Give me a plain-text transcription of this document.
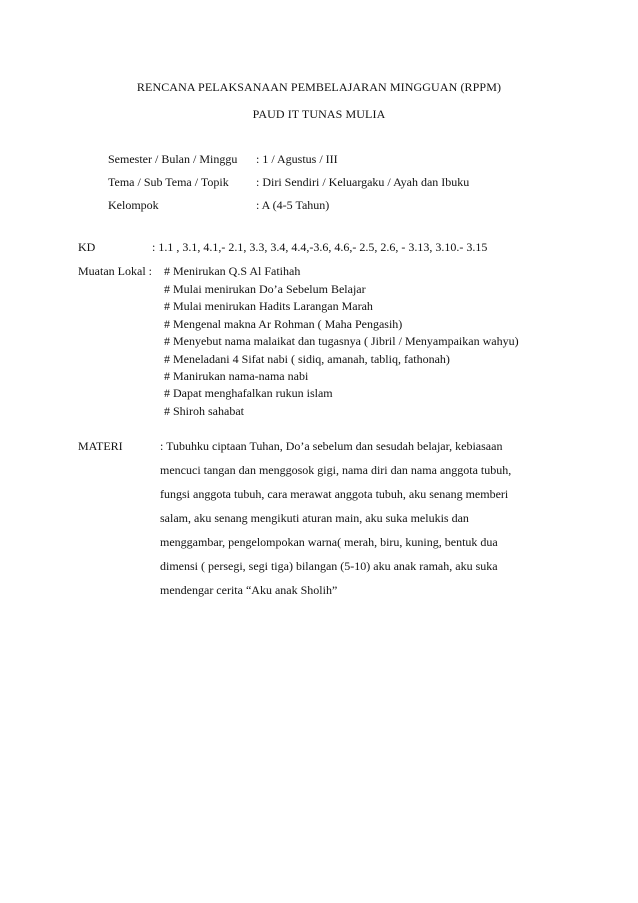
RENCANA PELAKSANAAN PEMBELAJARAN MINGGUAN (RPPM)
PAUD IT TUNAS MULIA
Semester / Bulan / Minggu : 1 / Agustus / III
Tema / Sub Tema / Topik : Diri Sendiri / Keluargaku / Ayah dan Ibuku
Kelompok	: A (4-5 Tahun)
KD	: 1.1 , 3.1, 4.1,- 2.1, 3.3, 3.4, 4.4,-3.6, 4.6,- 2.5, 2.6, - 3.13, 3.10.- 3.15
Muatan Lokal : # Menirukan Q.S Al Fatihah
# Mulai menirukan Do’a Sebelum Belajar
# Mulai menirukan Hadits Larangan Marah
# Mengenal makna Ar Rohman ( Maha Pengasih)
# Menyebut nama malaikat dan tugasnya ( Jibril / Menyampaikan wahyu)
# Meneladani 4 Sifat nabi ( sidiq, amanah, tabliq, fathonah)
# Manirukan nama-nama nabi
# Dapat menghafalkan rukun islam
# Shiroh sahabat
MATERI	: Tubuhku ciptaan Tuhan, Do’a sebelum dan sesudah belajar, kebiasaan
mencuci tangan dan menggosok gigi, nama diri dan nama anggota tubuh,
fungsi anggota tubuh, cara merawat anggota tubuh, aku senang memberi
salam, aku senang mengikuti aturan main, aku suka melukis dan
menggambar, pengelompokan warna( merah, biru, kuning, bentuk dua
dimensi ( persegi, segi tiga) bilangan (5-10) aku anak ramah, aku suka
mendengar cerita “Aku anak Sholih”
